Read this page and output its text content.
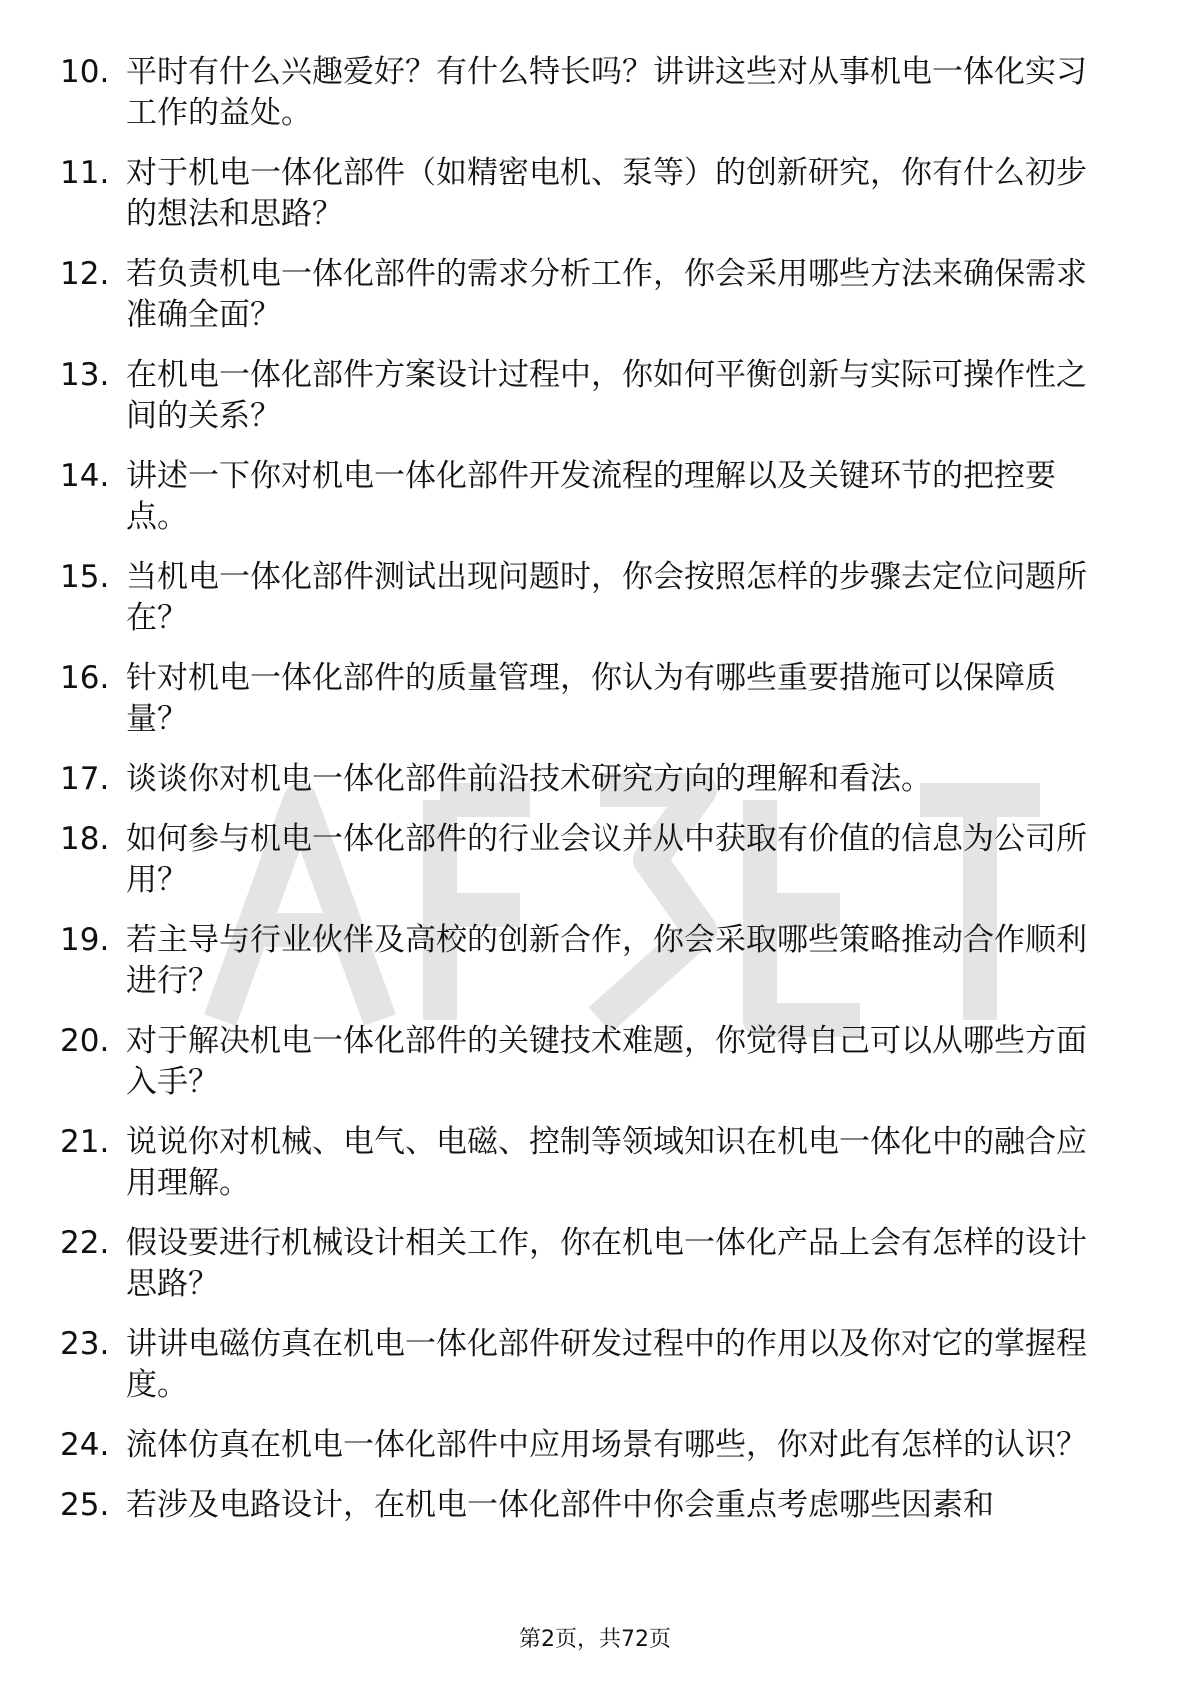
10. 平时有什么兴趣爱好？有什么特长吗？讲讲这些对从事机电一体化实习工作的益处。
11. 对于机电一体化部件（如精密电机、泵等）的创新研究，你有什么初步的想法和思路？
12. 若负责机电一体化部件的需求分析工作，你会采用哪些方法来确保需求准确全面？
13. 在机电一体化部件方案设计过程中，你如何平衡创新与实际可操作性之间的关系？
14. 讲述一下你对机电一体化部件开发流程的理解以及关键环节的把控要点。
15. 当机电一体化部件测试出现问题时，你会按照怎样的步骤去定位问题所在？
16. 针对机电一体化部件的质量管理，你认为有哪些重要措施可以保障质量？
17. 谈谈你对机电一体化部件前沿技术研究方向的理解和看法。
18. 如何参与机电一体化部件的行业会议并从中获取有价值的信息为公司所用？
19. 若主导与行业伙伴及高校的创新合作，你会采取哪些策略推动合作顺利进行？
20. 对于解决机电一体化部件的关键技术难题，你觉得自己可以从哪些方面入手？
21. 说说你对机械、电气、电磁、控制等领域知识在机电一体化中的融合应用理解。
22. 假设要进行机械设计相关工作，你在机电一体化产品上会有怎样的设计思路？
23. 讲讲电磁仿真在机电一体化部件研发过程中的作用以及你对它的掌握程度。
24. 流体仿真在机电一体化部件中应用场景有哪些，你对此有怎样的认识？
25. 若涉及电路设计，在机电一体化部件中你会重点考虑哪些因素和
第2页，共72页
